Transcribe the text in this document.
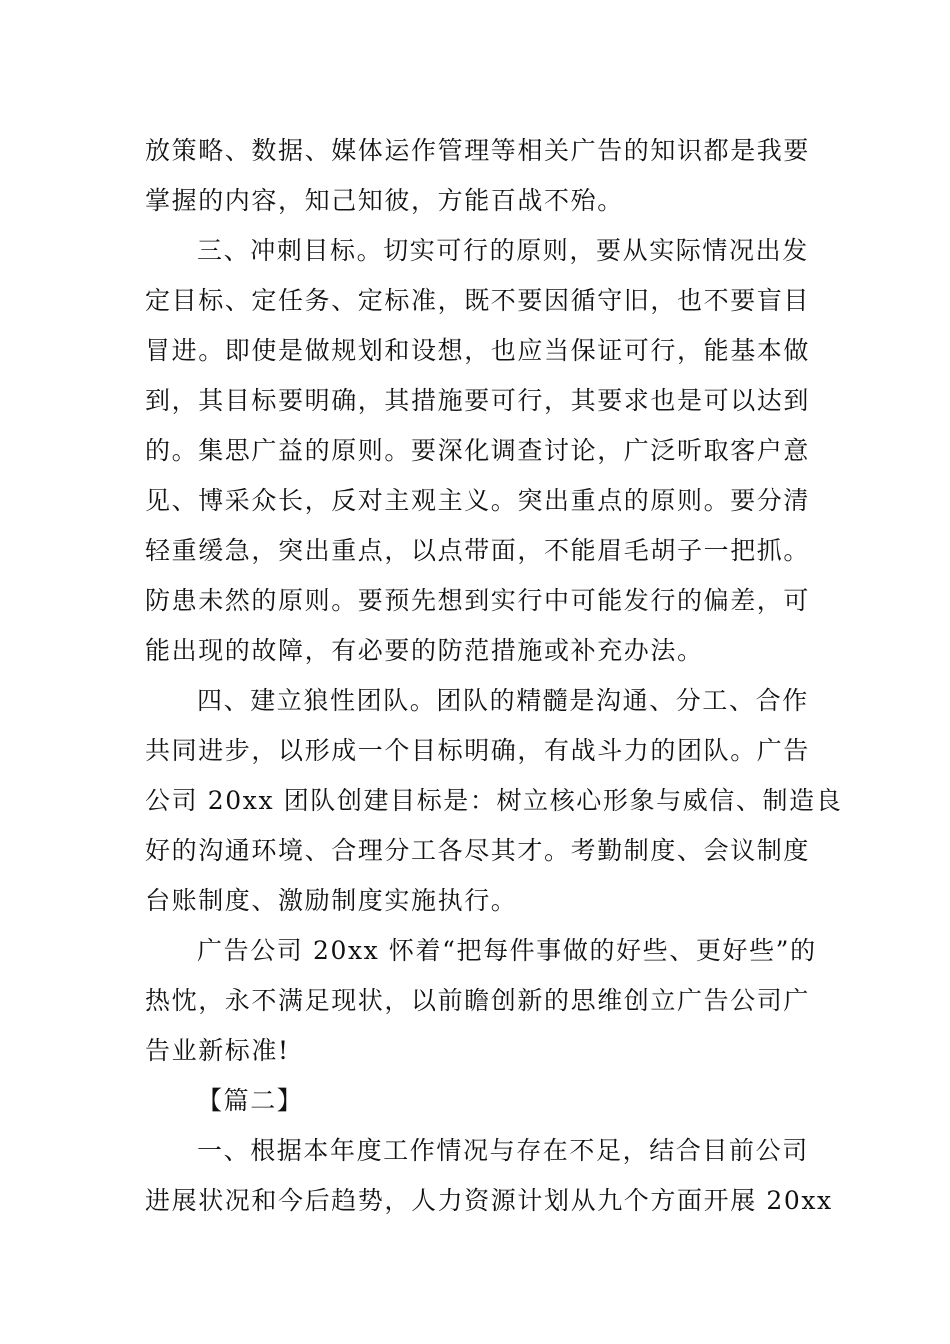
放策略、数据、媒体运作管理等相关广告的知识都是我要
掌握的内容，知己知彼，方能百战不殆。
三、冲刺目标。切实可行的原则，要从实际情况出发
定目标、定任务、定标准，既不要因循守旧，也不要盲目
冒进。即使是做规划和设想，也应当保证可行，能基本做
到，其目标要明确，其措施要可行，其要求也是可以达到
的。集思广益的原则。要深化调查讨论，广泛听取客户意
见、博采众长，反对主观主义。突出重点的原则。要分清
轻重缓急，突出重点，以点带面，不能眉毛胡子一把抓。
防患未然的原则。要预先想到实行中可能发行的偏差，可
能出现的故障，有必要的防范措施或补充办法。
四、建立狼性团队。团队的精髓是沟通、分工、合作
共同进步，以形成一个目标明确，有战斗力的团队。广告
公司 20xx 团队创建目标是：树立核心形象与威信、制造良
好的沟通环境、合理分工各尽其才。考勤制度、会议制度
台账制度、激励制度实施执行。
广告公司 20xx 怀着“把每件事做的好些、更好些”的
热忱，永不满足现状，以前瞻创新的思维创立广告公司广
告业新标准!
【篇二】
一、根据本年度工作情况与存在不足，结合目前公司
进展状况和今后趋势，人力资源计划从九个方面开展 20xx
